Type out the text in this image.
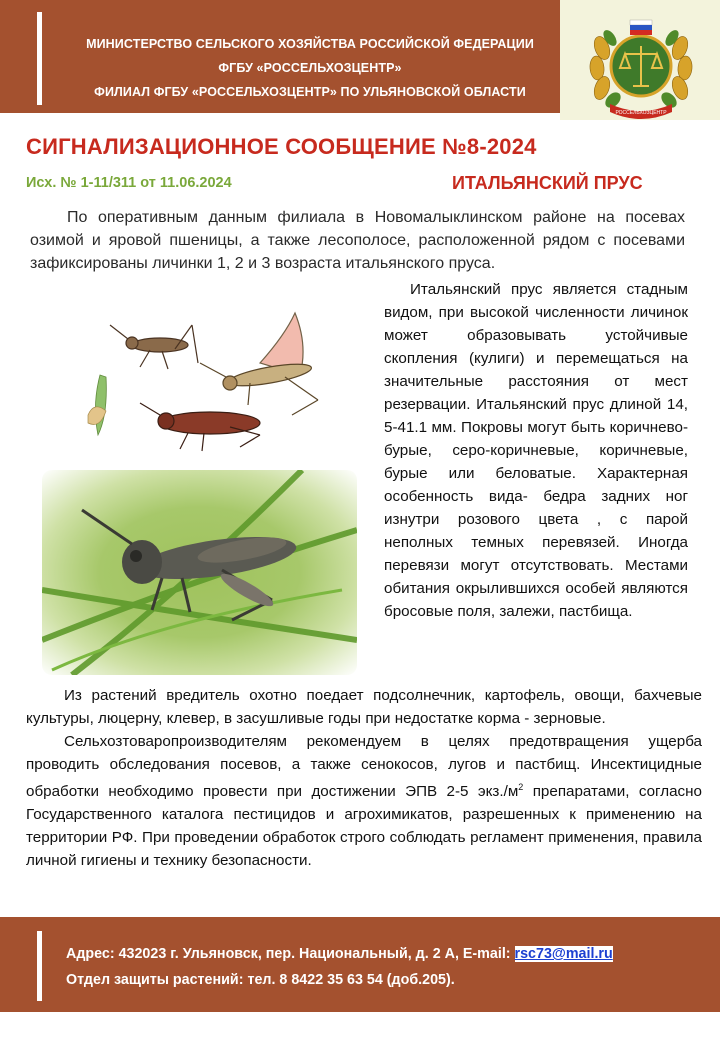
МИНИСТЕРСТВО СЕЛЬСКОГО ХОЗЯЙСТВА РОССИЙСКОЙ ФЕДЕРАЦИИ
ФГБУ «РОССЕЛЬХОЗЦЕНТР»
ФИЛИАЛ ФГБУ «РОССЕЛЬХОЗЦЕНТР» ПО УЛЬЯНОВСКОЙ ОБЛАСТИ
РОССЕЛЬХОЗЦЕНТР
СИГНАЛИЗАЦИОННОЕ СООБЩЕНИЕ №8-2024
Исх. № 1-11/311 от 11.06.2024	ИТАЛЬЯНСКИЙ ПРУС
По оперативным данным филиала в Новомалыклинском районе на посевах озимой и яровой пшеницы, а также лесополосе, расположенной рядом с посевами зафиксированы личинки 1, 2 и 3 возраста итальянского пруса.
Итальянский прус является стадным видом, при высокой численности личинок может образовывать устойчивые скопления (кулиги) и перемещаться на значительные расстояния от мест резервации. Итальянский прус длиной 14, 5-41.1 мм. Покровы могут быть коричнево-бурые, серо-коричневые, коричневые, бурые или беловатые. Характерная особенность вида- бедра задних ног изнутри розового цвета , с парой неполных темных перевязей. Иногда перевязи могут отсутствовать. Местами обитания окрылившихся особей являются бросовые поля, залежи, пастбища.

Из растений вредитель охотно поедает подсолнечник, картофель, овощи, бахчевые культуры, люцерну, клевер, в засушливые годы при недостатке корма - зерновые.

Сельхозтоваропроизводителям рекомендуем в целях предотвращения ущерба проводить обследования посевов, а также сенокосов, лугов и пастбищ. Инсектицидные обработки необходимо провести при достижении ЭПВ 2-5 $экз./м^2$ препаратами, согласно Государственного каталога пестицидов и агрохимикатов, разрешенных к применению на территории РФ. При проведении обработок строго соблюдать регламент применения, правила личной гигиены и технику безопасности.

Адрес: 432023 г. Ульяновск, пер. Национальный, д. 2 А, E-mail: rsc73@mail.ru
Отдел защиты растений: тел. 8 8422 35 63 54 (доб.205).
